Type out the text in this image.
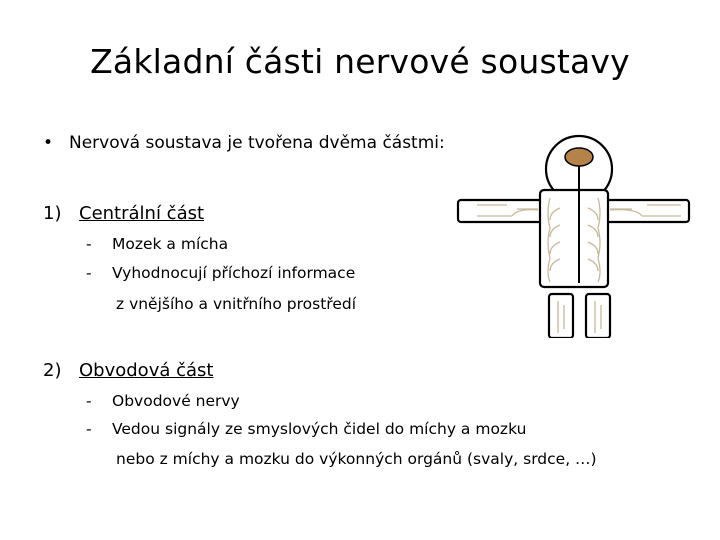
Základní části nervové soustavy
• Nervová soustava je tvořena dvěma částmi:
1) Centrální část
- Mozek a mícha
- Vyhodnocují příchozí informace
z vnějšího a vnitřního prostředí
2) Obvodová část
- Obvodové nervy
- Vedou signály ze smyslových čidel do míchy a mozku
nebo z míchy a mozku do výkonných orgánů (svaly, srdce, …)
